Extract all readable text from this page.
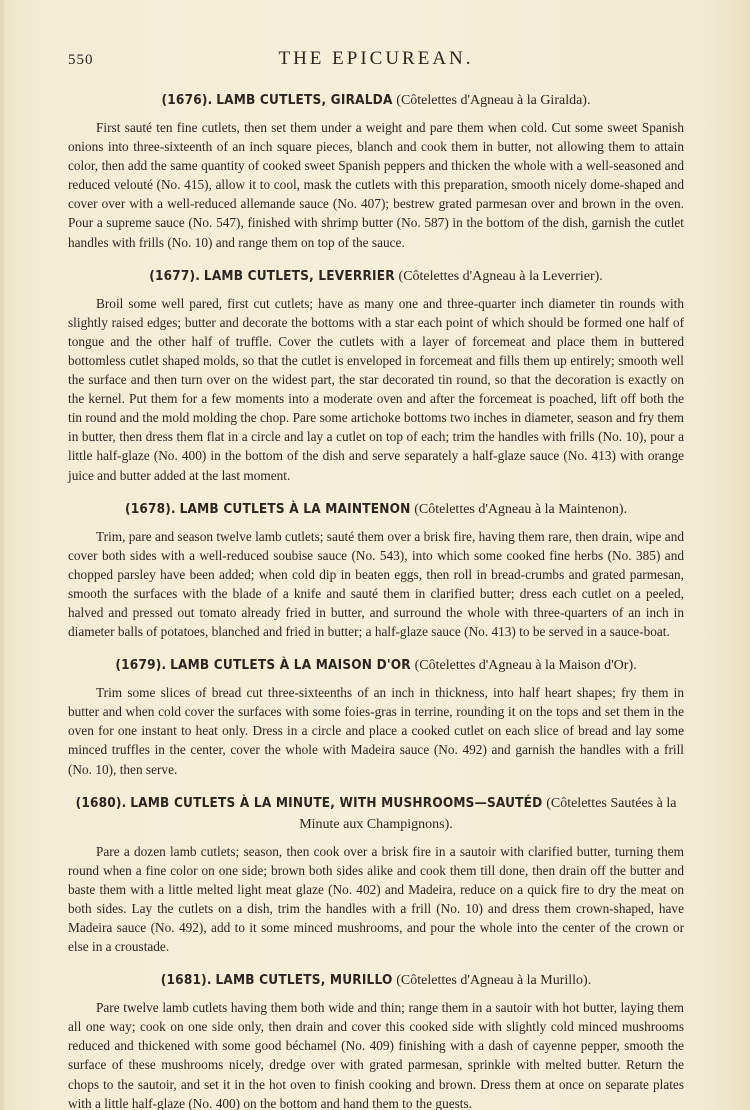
550	THE EPICUREAN.
(1676). LAMB CUTLETS, GIRALDA (Côtelettes d'Agneau à la Giralda).

First sauté ten fine cutlets, then set them under a weight and pare them when cold. Cut some sweet Spanish onions into three-sixteenth of an inch square pieces, blanch and cook them in butter, not allowing them to attain color, then add the same quantity of cooked sweet Spanish peppers and thicken the whole with a well-seasoned and reduced velouté (No. 415), allow it to cool, mask the cutlets with this preparation, smooth nicely dome-shaped and cover over with a well-reduced allemande sauce (No. 407); bestrew grated parmesan over and brown in the oven. Pour a supreme sauce (No. 547), finished with shrimp butter (No. 587) in the bottom of the dish, garnish the cutlet handles with frills (No. 10) and range them on top of the sauce.

(1677). LAMB CUTLETS, LEVERRIER (Côtelettes d'Agneau à la Leverrier).

Broil some well pared, first cut cutlets; have as many one and three-quarter inch diameter tin rounds with slightly raised edges; butter and decorate the bottoms with a star each point of which should be formed one half of tongue and the other half of truffle. Cover the cutlets with a layer of forcemeat and place them in buttered bottomless cutlet shaped molds, so that the cutlet is enveloped in forcemeat and fills them up entirely; smooth well the surface and then turn over on the widest part, the star decorated tin round, so that the decoration is exactly on the kernel. Put them for a few moments into a moderate oven and after the forcemeat is poached, lift off both the tin round and the mold molding the chop. Pare some artichoke bottoms two inches in diameter, season and fry them in butter, then dress them flat in a circle and lay a cutlet on top of each; trim the handles with frills (No. 10), pour a little half-glaze (No. 400) in the bottom of the dish and serve separately a half-glaze sauce (No. 413) with orange juice and butter added at the last moment.

(1678). LAMB CUTLETS À LA MAINTENON (Côtelettes d'Agneau à la Maintenon).

Trim, pare and season twelve lamb cutlets; sauté them over a brisk fire, having them rare, then drain, wipe and cover both sides with a well-reduced soubise sauce (No. 543), into which some cooked fine herbs (No. 385) and chopped parsley have been added; when cold dip in beaten eggs, then roll in bread-crumbs and grated parmesan, smooth the surfaces with the blade of a knife and sauté them in clarified butter; dress each cutlet on a peeled, halved and pressed out tomato already fried in butter, and surround the whole with three-quarters of an inch in diameter balls of potatoes, blanched and fried in butter; a half-glaze sauce (No. 413) to be served in a sauce-boat.

(1679). LAMB CUTLETS À LA MAISON D'OR (Côtelettes d'Agneau à la Maison d'Or).

Trim some slices of bread cut three-sixteenths of an inch in thickness, into half heart shapes; fry them in butter and when cold cover the surfaces with some foies-gras in terrine, rounding it on the tops and set them in the oven for one instant to heat only. Dress in a circle and place a cooked cutlet on each slice of bread and lay some minced truffles in the center, cover the whole with Madeira sauce (No. 492) and garnish the handles with a frill (No. 10), then serve.

(1680). LAMB CUTLETS À LA MINUTE, WITH MUSHROOMS—SAUTÉD (Côtelettes Sautées à la Minute aux Champignons).

Pare a dozen lamb cutlets; season, then cook over a brisk fire in a sautoir with clarified butter, turning them round when a fine color on one side; brown both sides alike and cook them till done, then drain off the butter and baste them with a little melted light meat glaze (No. 402) and Madeira, reduce on a quick fire to dry the meat on both sides. Lay the cutlets on a dish, trim the handles with a frill (No. 10) and dress them crown-shaped, have Madeira sauce (No. 492), add to it some minced mushrooms, and pour the whole into the center of the crown or else in a croustade.

(1681). LAMB CUTLETS, MURILLO (Côtelettes d'Agneau à la Murillo).

Pare twelve lamb cutlets having them both wide and thin; range them in a sautoir with hot butter, laying them all one way; cook on one side only, then drain and cover this cooked side with slightly cold minced mushrooms reduced and thickened with some good béchamel (No. 409) finishing with a dash of cayenne pepper, smooth the surface of these mushrooms nicely, dredge over with grated parmesan, sprinkle with melted butter. Return the chops to the sautoir, and set it in the hot oven to finish cooking and brown. Dress them at once on separate plates with a little half-glaze (No. 400) on the bottom and hand them to the guests.
